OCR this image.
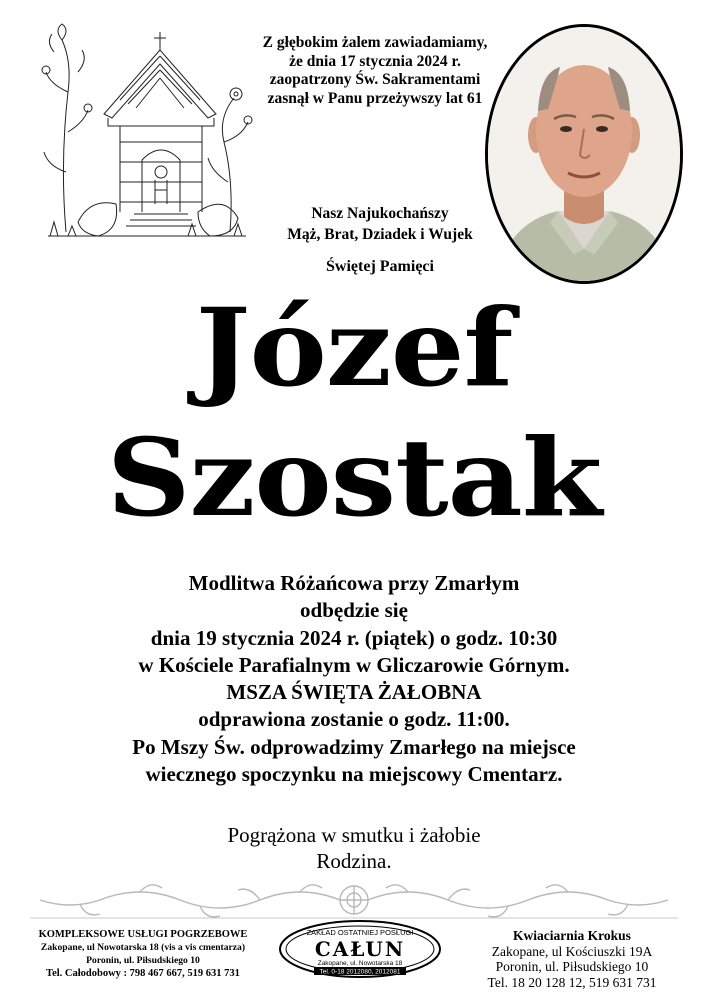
Z głębokim żalem zawiadamiamy,
że dnia 17 stycznia 2024 r.
zaopatrzony Św. Sakramentami
zasnął w Panu przeżywszy lat 61
Nasz Najukochańszy
Mąż, Brat, Dziadek i Wujek
Świętej Pamięci
Józef
Szostak
Modlitwa Różańcowa przy Zmarłym
odbędzie się
dnia 19 stycznia 2024 r. (piątek) o godz. 10:30
w Kościele Parafialnym w Gliczarowie Górnym.
MSZA ŚWIĘTA ŻAŁOBNA
odprawiona zostanie o godz. 11:00.
Po Mszy Św. odprowadzimy Zmarłego na miejsce
wiecznego spoczynku na miejscowy Cmentarz.
Pogrążona w smutku i żałobie
Rodzina.
KOMPLEKSOWE USŁUGI POGRZEBOWE
Zakopane, ul Nowotarska 18 (vis a vis cmentarza)
Poronin, ul. Piłsudskiego 10
Tel. Całodobowy : 798 467 667, 519 631 731
ZAKŁAD OSTATNIEJ POSŁUGI
CAŁUN
Zakopane, ul. Nowotarska 18
Tel. 0-18 2012080, 2012081
Kwiaciarnia Krokus
Zakopane, ul Kościuszki 19A
Poronin, ul. Piłsudskiego 10
Tel. 18 20 128 12, 519 631 731
